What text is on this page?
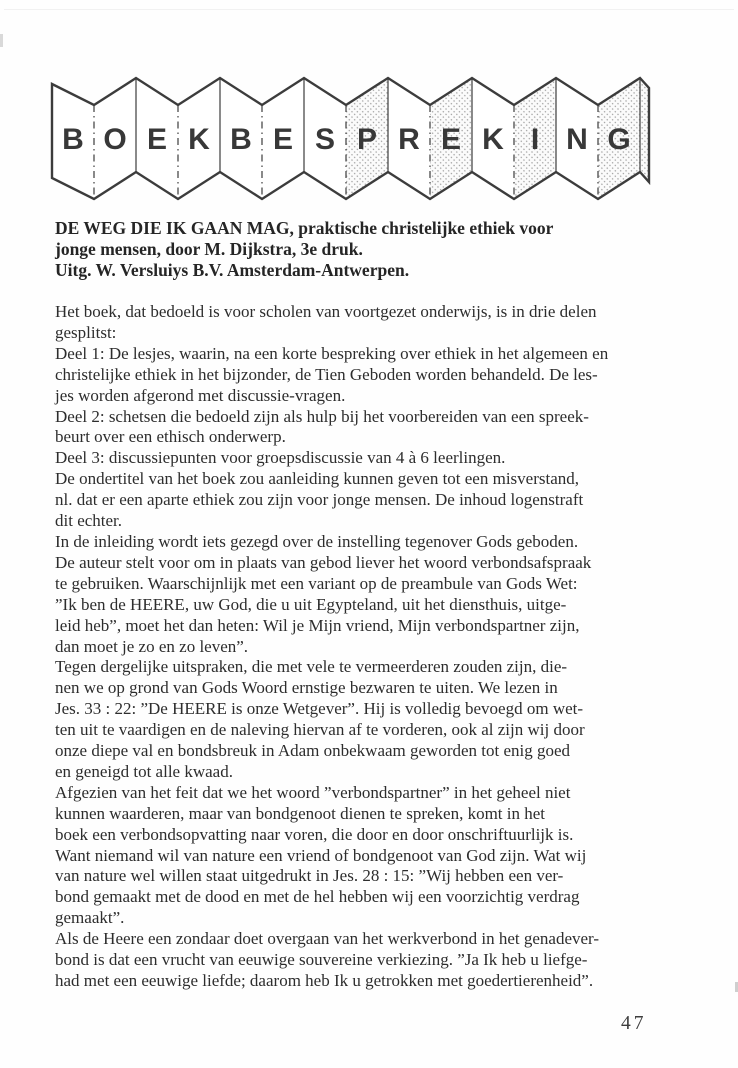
B O E K B E S P R E K I N G
DE WEG DIE IK GAAN MAG, praktische christelijke ethiek voor
jonge mensen, door M. Dijkstra, 3e druk.
Uitg. W. Versluiys B.V. Amsterdam-Antwerpen.
Het boek, dat bedoeld is voor scholen van voortgezet onderwijs, is in drie delen
gesplitst:
Deel 1: De lesjes, waarin, na een korte bespreking over ethiek in het algemeen en
christelijke ethiek in het bijzonder, de Tien Geboden worden behandeld. De les-
jes worden afgerond met discussie-vragen.
Deel 2: schetsen die bedoeld zijn als hulp bij het voorbereiden van een spreek-
beurt over een ethisch onderwerp.
Deel 3: discussiepunten voor groepsdiscussie van 4 à 6 leerlingen.
De ondertitel van het boek zou aanleiding kunnen geven tot een misverstand,
nl. dat er een aparte ethiek zou zijn voor jonge mensen. De inhoud logenstraft
dit echter.
In de inleiding wordt iets gezegd over de instelling tegenover Gods geboden.
De auteur stelt voor om in plaats van gebod liever het woord verbondsafspraak
te gebruiken. Waarschijnlijk met een variant op de preambule van Gods Wet:
”Ik ben de HEERE, uw God, die u uit Egypteland, uit het diensthuis, uitge-
leid heb”, moet het dan heten: Wil je Mijn vriend, Mijn verbondspartner zijn,
dan moet je zo en zo leven”.
Tegen dergelijke uitspraken, die met vele te vermeerderen zouden zijn, die-
nen we op grond van Gods Woord ernstige bezwaren te uiten. We lezen in
Jes. 33 : 22: ”De HEERE is onze Wetgever”. Hij is volledig bevoegd om wet-
ten uit te vaardigen en de naleving hiervan af te vorderen, ook al zijn wij door
onze diepe val en bondsbreuk in Adam onbekwaam geworden tot enig goed
en geneigd tot alle kwaad.
Afgezien van het feit dat we het woord ”verbondspartner” in het geheel niet
kunnen waarderen, maar van bondgenoot dienen te spreken, komt in het
boek een verbondsopvatting naar voren, die door en door onschriftuurlijk is.
Want niemand wil van nature een vriend of bondgenoot van God zijn. Wat wij
van nature wel willen staat uitgedrukt in Jes. 28 : 15: ”Wij hebben een ver-
bond gemaakt met de dood en met de hel hebben wij een voorzichtig verdrag
gemaakt”.
Als de Heere een zondaar doet overgaan van het werkverbond in het genadever-
bond is dat een vrucht van eeuwige souvereine verkiezing. ”Ja Ik heb u liefge-
had met een eeuwige liefde; daarom heb Ik u getrokken met goedertierenheid”.
47
